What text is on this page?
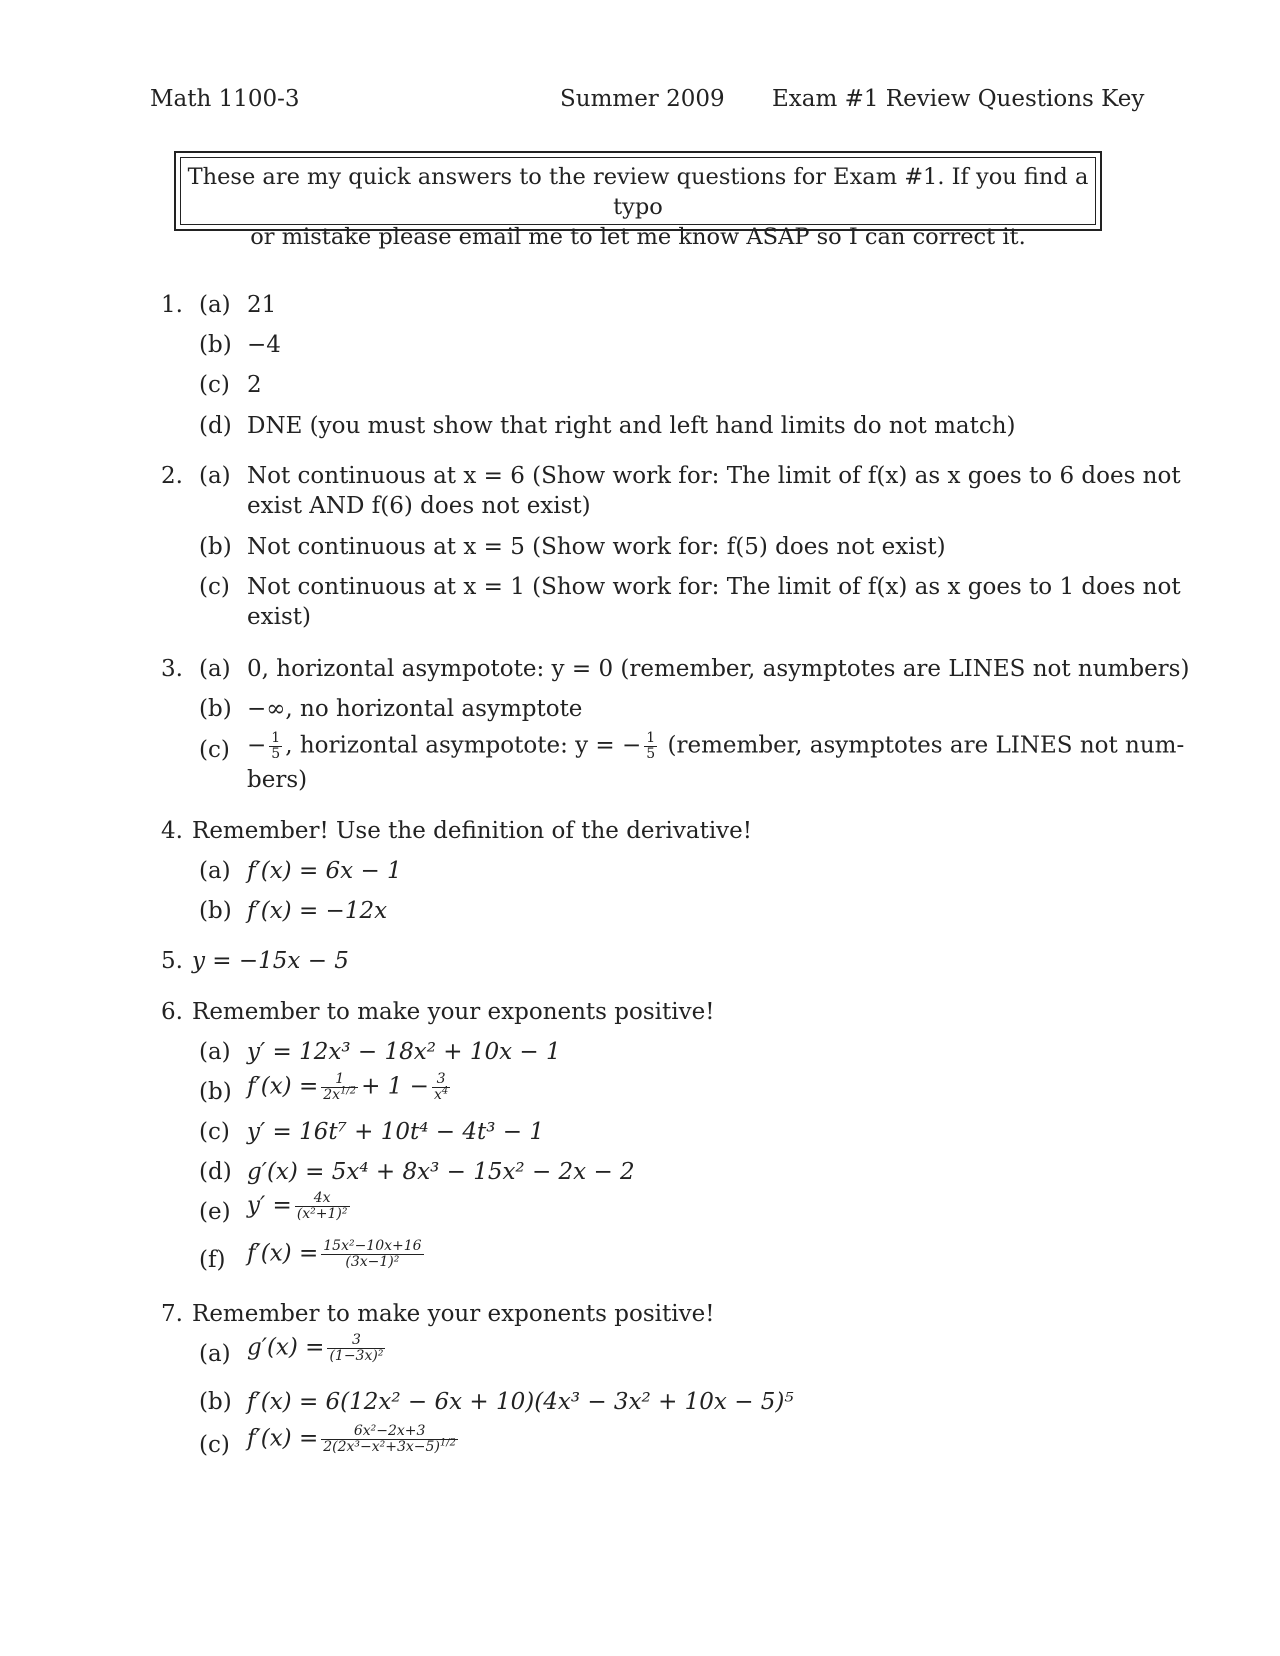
Math 1100-3	Summer 2009 Exam #1 Review Questions Key
These are my quick answers to the review questions for Exam #1. If you find a typo
or mistake please email me to let me know ASAP so I can correct it.
1. (a) 21
(b) −4
(c) 2
(d) DNE (you must show that right and left hand limits do not match)
2. (a) Not continuous at x = 6 (Show work for: The limit of f(x) as x goes to 6 does not
exist AND f(6) does not exist)
(b) Not continuous at x = 5 (Show work for: f(5) does not exist)
(c) Not continuous at x = 1 (Show work for: The limit of f(x) as x goes to 1 does not
exist)
3. (a) 0, horizontal asympotote: y = 0 (remember, asymptotes are LINES not numbers)
(b) −∞, no horizontal asymptote
$(c) - \frac{1}{5}$ , horizontal asympotote: y = − $\frac{1}{5}$ (remember, asymptotes are LINES not num-
bers)
4. Remember! Use the definition of the derivative!
(a) f′(x) = 6x − 1
(b) f′(x) = −12x
5. y = −15x − 5
6. Remember to make your exponents positive!
(a) y′ = 12x³ − 18x² + 10x − 1
(b) $f'(x) = \frac{1}{2x^{1/2}} + 1 - \frac{3}{x^4}$
(c) y′ = 16t⁷ + 10t⁴ − 4t³ − 1
(d) g′(x) = 5x⁴ + 8x³ − 15x² − 2x − 2
(e) $y' = \frac{4x}{\text{(x²+1)²}}$
(f) $f'(x) = \frac{\text{15x²−10x+16}}{\text{(3x−1)²}}$
7. Remember to make your exponents positive!
(a) $g'(x) = \frac{3}{\text{(1−3x)²}}$
(b) f′(x) = 6(12x² − 6x + 10)(4x³ − 3x² + 10x − 5)⁵
(c) $f'(x) = \frac{\text{6x²−2x+3}}{2(2x^3-x^2+3x-5)^{1/2}}$
